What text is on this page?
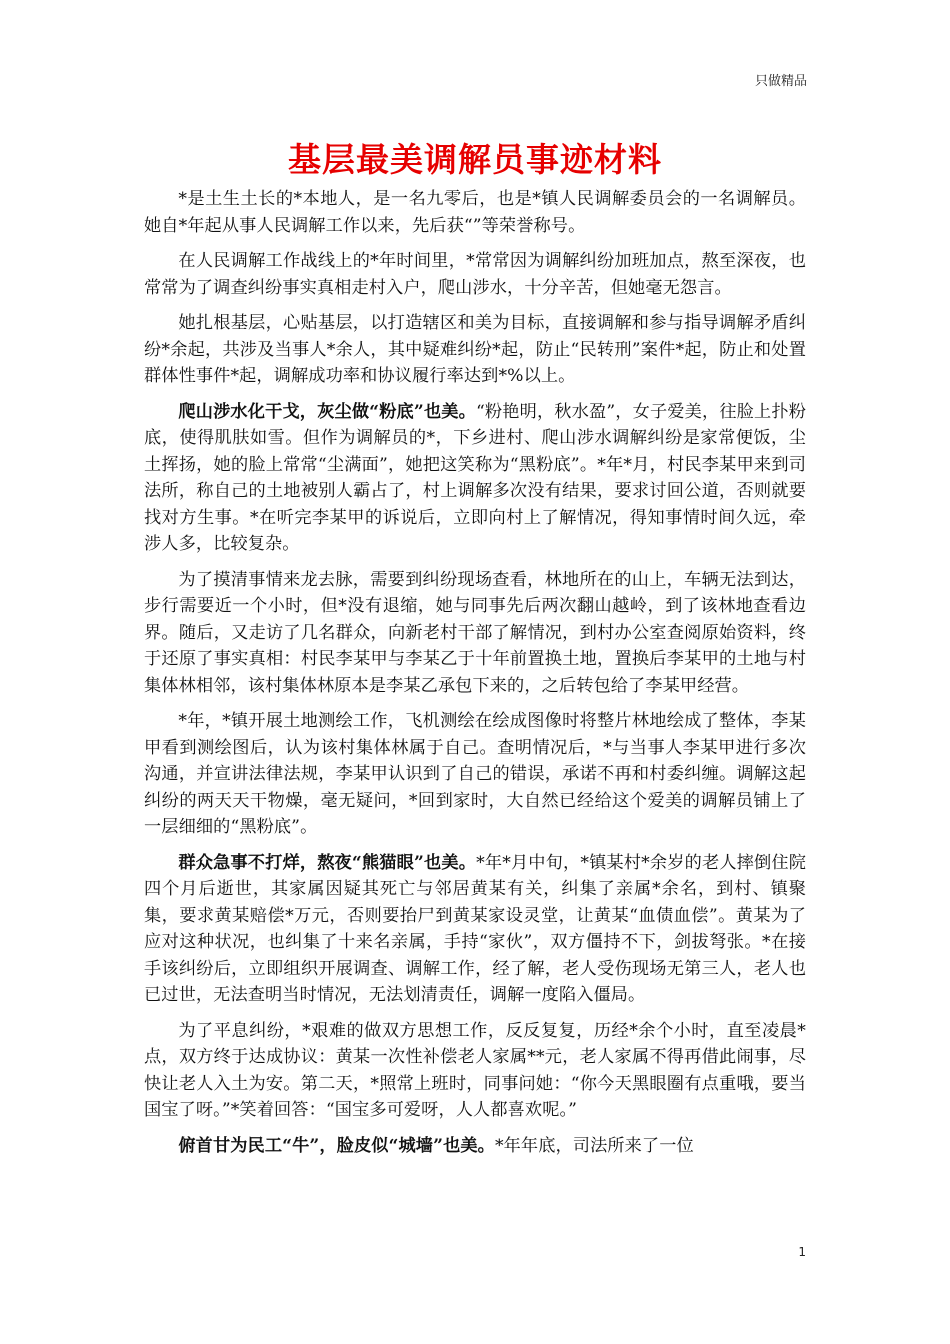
只做精品
基层最美调解员事迹材料

*是土生土长的*本地人，是一名九零后，也是*镇人民调解委员会的一名调解员。她自*年起从事人民调解工作以来，先后获“”等荣誉称号。

在人民调解工作战线上的*年时间里，*常常因为调解纠纷加班加点，熬至深夜，也常常为了调查纠纷事实真相走村入户，爬山涉水，十分辛苦，但她毫无怨言。

她扎根基层，心贴基层，以打造辖区和美为目标，直接调解和参与指导调解矛盾纠纷*余起，共涉及当事人*余人，其中疑难纠纷*起，防止“民转刑”案件*起，防止和处置群体性事件*起，调解成功率和协议履行率达到*%以上。

爬山涉水化干戈，灰尘做“粉底”也美。“粉艳明，秋水盈”，女子爱美，往脸上扑粉底，使得肌肤如雪。但作为调解员的*，下乡进村、爬山涉水调解纠纷是家常便饭，尘土挥扬，她的脸上常常“尘满面”，她把这笑称为“黑粉底”。*年*月，村民李某甲来到司法所，称自己的土地被别人霸占了，村上调解多次没有结果，要求讨回公道，否则就要找对方生事。*在听完李某甲的诉说后，立即向村上了解情况，得知事情时间久远，牵涉人多，比较复杂。

为了摸清事情来龙去脉，需要到纠纷现场查看，林地所在的山上，车辆无法到达，步行需要近一个小时，但*没有退缩，她与同事先后两次翻山越岭，到了该林地查看边界。随后，又走访了几名群众，向新老村干部了解情况，到村办公室查阅原始资料，终于还原了事实真相：村民李某甲与李某乙于十年前置换土地，置换后李某甲的土地与村集体林相邻，该村集体林原本是李某乙承包下来的，之后转包给了李某甲经营。

*年，*镇开展土地测绘工作，飞机测绘在绘成图像时将整片林地绘成了整体，李某甲看到测绘图后，认为该村集体林属于自己。查明情况后，*与当事人李某甲进行多次沟通，并宣讲法律法规，李某甲认识到了自己的错误，承诺不再和村委纠缠。调解这起纠纷的两天天干物燥，毫无疑问，*回到家时，大自然已经给这个爱美的调解员铺上了一层细细的“黑粉底”。

群众急事不打烊，熬夜“熊猫眼”也美。*年*月中旬，*镇某村*余岁的老人摔倒住院四个月后逝世，其家属因疑其死亡与邻居黄某有关，纠集了亲属*余名，到村、镇聚集，要求黄某赔偿*万元，否则要抬尸到黄某家设灵堂，让黄某“血债血偿”。黄某为了应对这种状况，也纠集了十来名亲属，手持“家伙”，双方僵持不下，剑拔弩张。*在接手该纠纷后，立即组织开展调查、调解工作，经了解，老人受伤现场无第三人，老人也已过世，无法查明当时情况，无法划清责任，调解一度陷入僵局。

为了平息纠纷，*艰难的做双方思想工作，反反复复，历经*余个小时，直至凌晨*点，双方终于达成协议：黄某一次性补偿老人家属**元，老人家属不得再借此闹事，尽快让老人入土为安。第二天，*照常上班时，同事问她：“你今天黑眼圈有点重哦，要当国宝了呀。”*笑着回答：“国宝多可爱呀，人人都喜欢呢。”

俯首甘为民工“牛”，脸皮似“城墙”也美。*年年底，司法所来了一位

1
